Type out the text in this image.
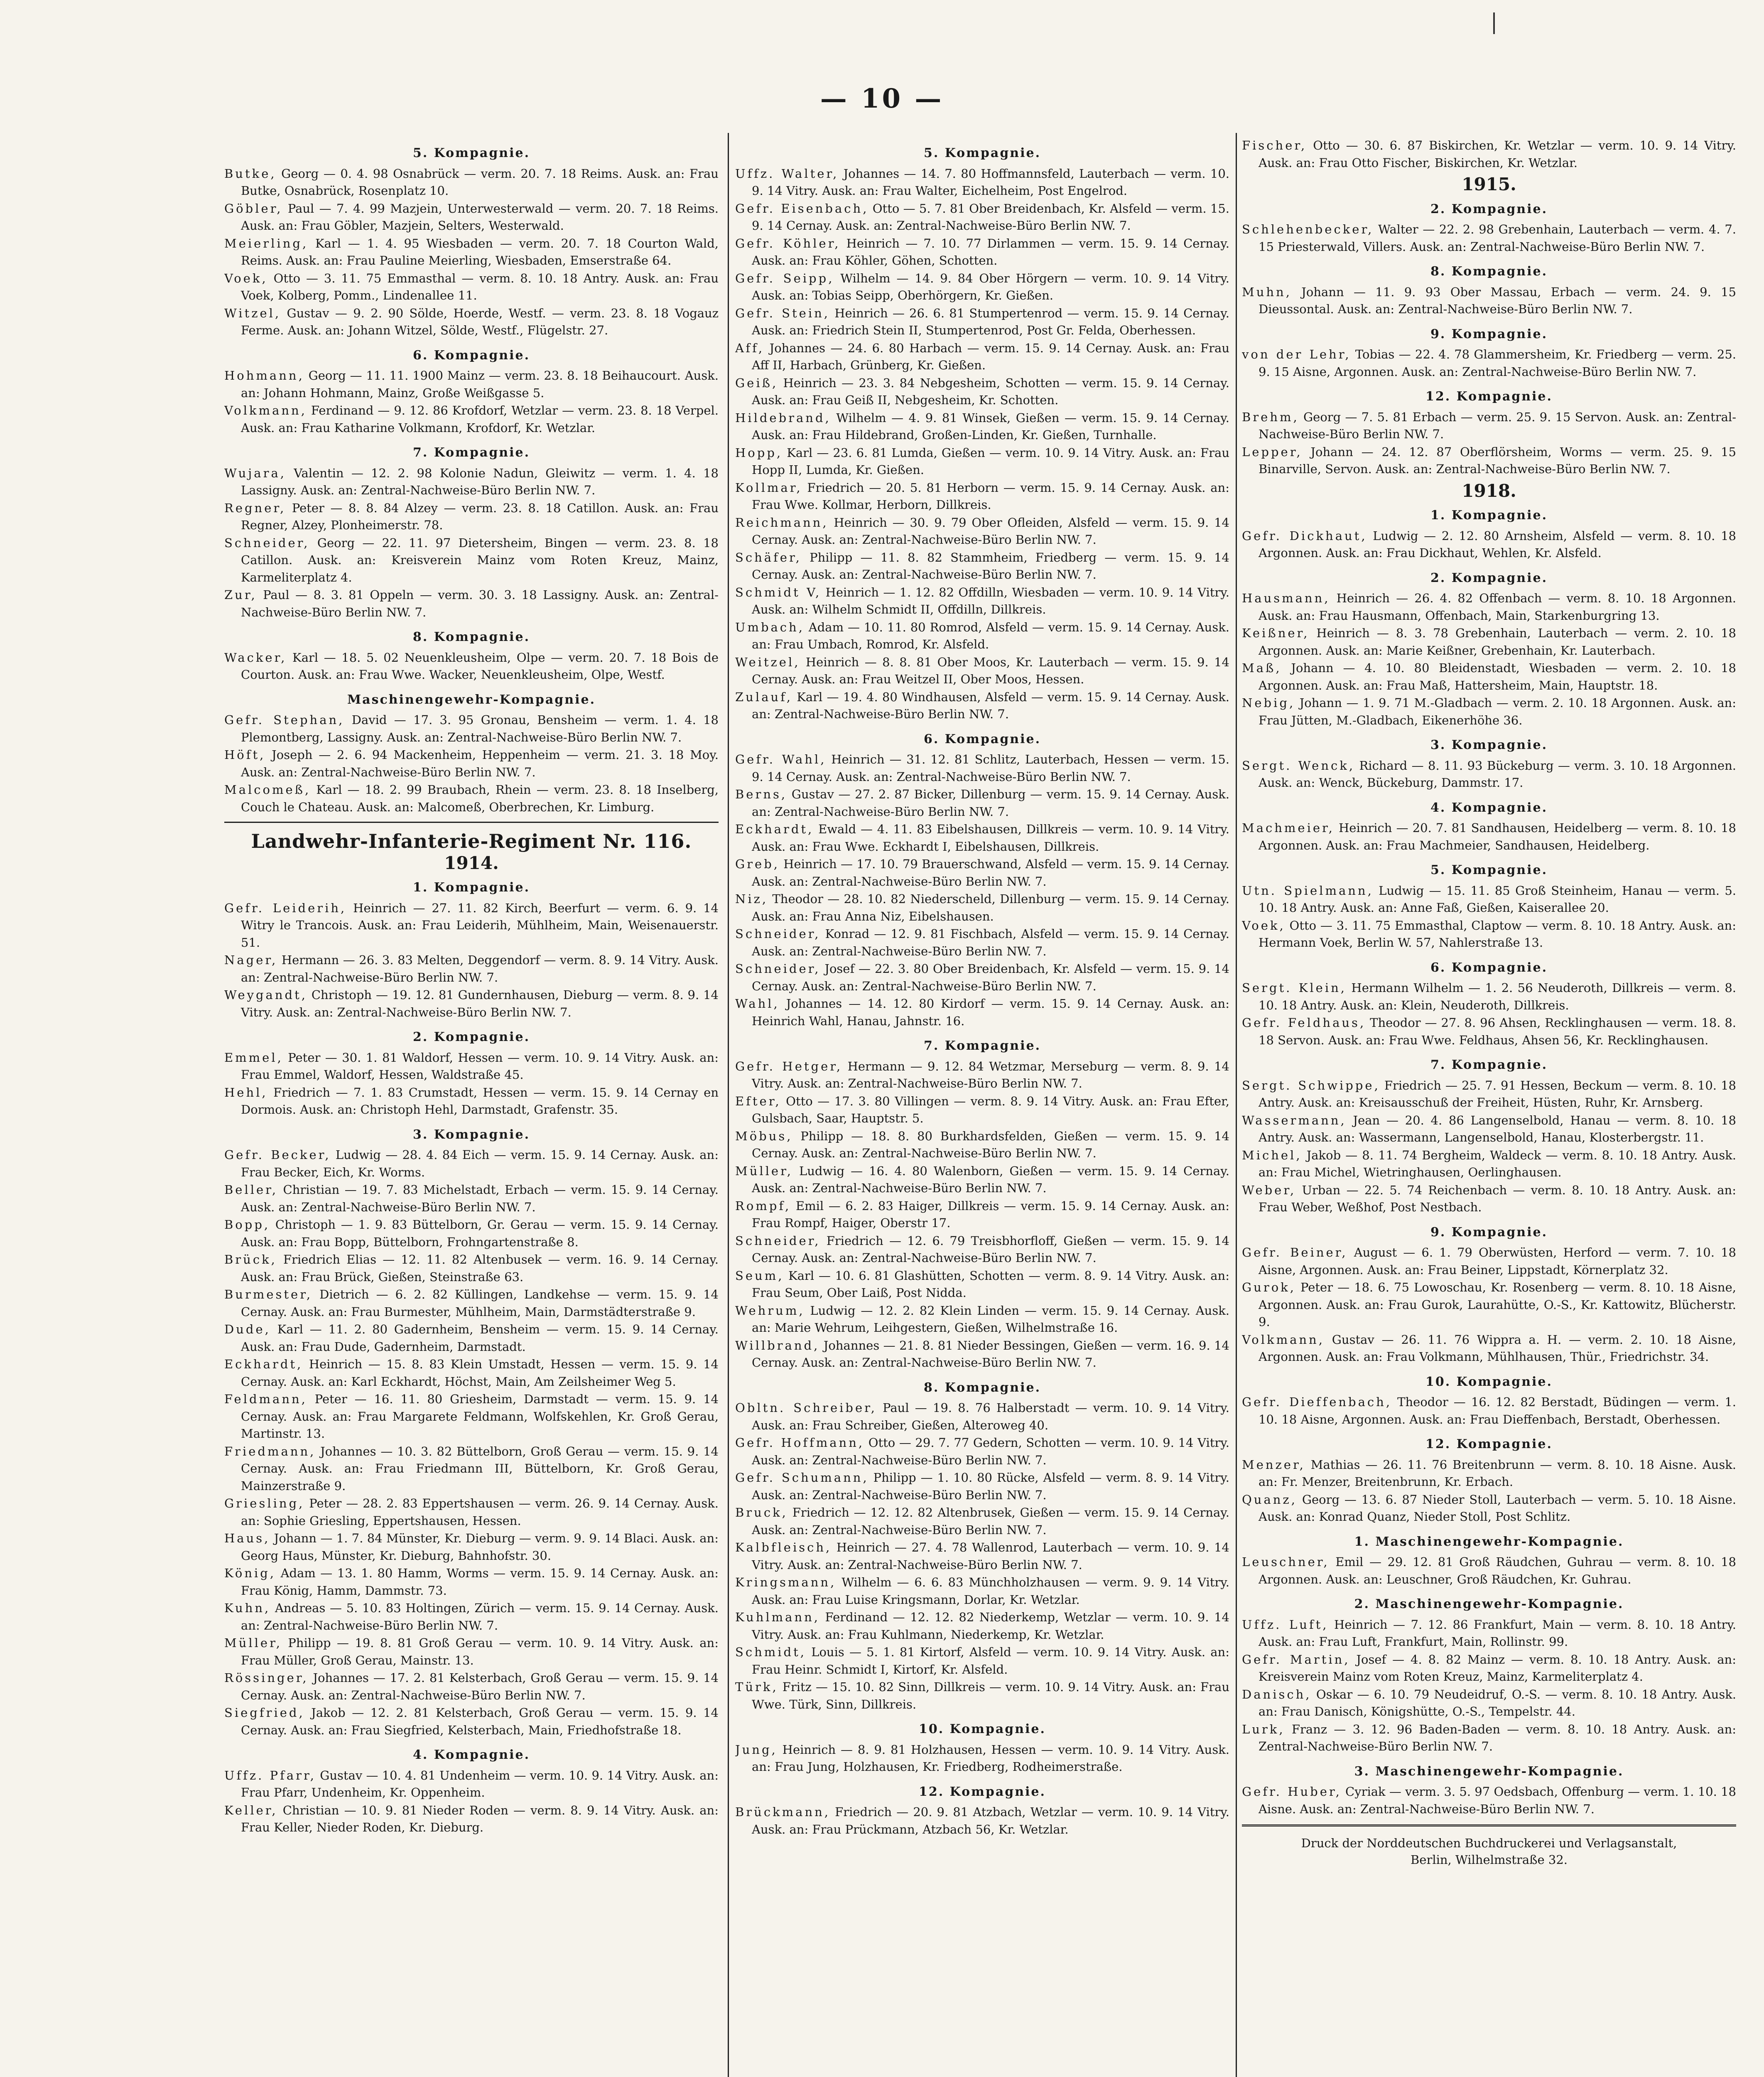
— 10 —
5. Kompagnie.
Butke, Georg — 0. 4. 98 Osnabrück — verm. 20. 7. 18 Reims. Ausk. an: Frau Butke, Osnabrück, Rosenplatz 10.
Göbler, Paul — 7. 4. 99 Mazjein, Unterwesterwald — verm. 20. 7. 18 Reims. Ausk. an: Frau Göbler, Mazjein, Selters, Westerwald.
Meierling, Karl — 1. 4. 95 Wiesbaden — verm. 20. 7. 18 Courton Wald, Reims. Ausk. an: Frau Pauline Meierling, Wiesbaden, Emserstraße 64.
Voek, Otto — 3. 11. 75 Emmasthal — verm. 8. 10. 18 Antry. Ausk. an: Frau Voek, Kolberg, Pomm., Lindenallee 11.
Witzel, Gustav — 9. 2. 90 Sölde, Hoerde, Westf. — verm. 23. 8. 18 Vogauz Ferme. Ausk. an: Johann Witzel, Sölde, Westf., Flügelstr. 27.
6. Kompagnie.
Hohmann, Georg — 11. 11. 1900 Mainz — verm. 23. 8. 18 Beihaucourt. Ausk. an: Johann Hohmann, Mainz, Große Weißgasse 5.
Volkmann, Ferdinand — 9. 12. 86 Krofdorf, Wetzlar — verm. 23. 8. 18 Verpel. Ausk. an: Frau Katharine Volkmann, Krofdorf, Kr. Wetzlar.
7. Kompagnie.
Wujara, Valentin — 12. 2. 98 Kolonie Nadun, Gleiwitz — verm. 1. 4. 18 Lassigny. Ausk. an: Zentral-Nachweise-Büro Berlin NW. 7.
Regner, Peter — 8. 8. 84 Alzey — verm. 23. 8. 18 Catillon. Ausk. an: Frau Regner, Alzey, Plonheimerstr. 78.
Schneider, Georg — 22. 11. 97 Dietersheim, Bingen — verm. 23. 8. 18 Catillon. Ausk. an: Kreisverein Mainz vom Roten Kreuz, Mainz, Karmeliterplatz 4.
Zur, Paul — 8. 3. 81 Oppeln — verm. 30. 3. 18 Lassigny. Ausk. an: Zentral-Nachweise-Büro Berlin NW. 7.
8. Kompagnie.
Wacker, Karl — 18. 5. 02 Neuenkleusheim, Olpe — verm. 20. 7. 18 Bois de Courton. Ausk. an: Frau Wwe. Wacker, Neuenkleusheim, Olpe, Westf.
Maschinengewehr-Kompagnie.
Gefr. Stephan, David — 17. 3. 95 Gronau, Bensheim — verm. 1. 4. 18 Plemontberg, Lassigny. Ausk. an: Zentral-Nachweise-Büro Berlin NW. 7.
Höft, Joseph — 2. 6. 94 Mackenheim, Heppenheim — verm. 21. 3. 18 Moy. Ausk. an: Zentral-Nachweise-Büro Berlin NW. 7.
Malcomeß, Karl — 18. 2. 99 Braubach, Rhein — verm. 23. 8. 18 Inselberg, Couch le Chateau. Ausk. an: Malcomeß, Oberbrechen, Kr. Limburg.
Landwehr-Infanterie-Regiment Nr. 116.
1914.
1. Kompagnie.
Gefr. Leiderih, Heinrich — 27. 11. 82 Kirch, Beerfurt — verm. 6. 9. 14 Witry le Trancois. Ausk. an: Frau Leiderih, Mühlheim, Main, Weisenauerstr. 51.
Nager, Hermann — 26. 3. 83 Melten, Deggendorf — verm. 8. 9. 14 Vitry. Ausk. an: Zentral-Nachweise-Büro Berlin NW. 7.
Weygandt, Christoph — 19. 12. 81 Gundernhausen, Dieburg — verm. 8. 9. 14 Vitry. Ausk. an: Zentral-Nachweise-Büro Berlin NW. 7.
2. Kompagnie.
Emmel, Peter — 30. 1. 81 Waldorf, Hessen — verm. 10. 9. 14 Vitry. Ausk. an: Frau Emmel, Waldorf, Hessen, Waldstraße 45.
Hehl, Friedrich — 7. 1. 83 Crumstadt, Hessen — verm. 15. 9. 14 Cernay en Dormois. Ausk. an: Christoph Hehl, Darmstadt, Grafenstr. 35.
3. Kompagnie.
Gefr. Becker, Ludwig — 28. 4. 84 Eich — verm. 15. 9. 14 Cernay. Ausk. an: Frau Becker, Eich, Kr. Worms.
Beller, Christian — 19. 7. 83 Michelstadt, Erbach — verm. 15. 9. 14 Cernay. Ausk. an: Zentral-Nachweise-Büro Berlin NW. 7.
Bopp, Christoph — 1. 9. 83 Büttelborn, Gr. Gerau — verm. 15. 9. 14 Cernay. Ausk. an: Frau Bopp, Büttelborn, Frohngartenstraße 8.
Brück, Friedrich Elias — 12. 11. 82 Altenbusek — verm. 16. 9. 14 Cernay. Ausk. an: Frau Brück, Gießen, Steinstraße 63.
Burmester, Dietrich — 6. 2. 82 Küllingen, Landkehse — verm. 15. 9. 14 Cernay. Ausk. an: Frau Burmester, Mühlheim, Main, Darmstädterstraße 9.
Dude, Karl — 11. 2. 80 Gadernheim, Bensheim — verm. 15. 9. 14 Cernay. Ausk. an: Frau Dude, Gadernheim, Darmstadt.
Eckhardt, Heinrich — 15. 8. 83 Klein Umstadt, Hessen — verm. 15. 9. 14 Cernay. Ausk. an: Karl Eckhardt, Höchst, Main, Am Zeilsheimer Weg 5.
Feldmann, Peter — 16. 11. 80 Griesheim, Darmstadt — verm. 15. 9. 14 Cernay. Ausk. an: Frau Margarete Feldmann, Wolfskehlen, Kr. Groß Gerau, Martinstr. 13.
Friedmann, Johannes — 10. 3. 82 Büttelborn, Groß Gerau — verm. 15. 9. 14 Cernay. Ausk. an: Frau Friedmann III, Büttelborn, Kr. Groß Gerau, Mainzerstraße 9.
Griesling, Peter — 28. 2. 83 Eppertshausen — verm. 26. 9. 14 Cernay. Ausk. an: Sophie Griesling, Eppertshausen, Hessen.
Haus, Johann — 1. 7. 84 Münster, Kr. Dieburg — verm. 9. 9. 14 Blaci. Ausk. an: Georg Haus, Münster, Kr. Dieburg, Bahnhofstr. 30.
König, Adam — 13. 1. 80 Hamm, Worms — verm. 15. 9. 14 Cernay. Ausk. an: Frau König, Hamm, Dammstr. 73.
Kuhn, Andreas — 5. 10. 83 Holtingen, Zürich — verm. 15. 9. 14 Cernay. Ausk. an: Zentral-Nachweise-Büro Berlin NW. 7.
Müller, Philipp — 19. 8. 81 Groß Gerau — verm. 10. 9. 14 Vitry. Ausk. an: Frau Müller, Groß Gerau, Mainstr. 13.
Rössinger, Johannes — 17. 2. 81 Kelsterbach, Groß Gerau — verm. 15. 9. 14 Cernay. Ausk. an: Zentral-Nachweise-Büro Berlin NW. 7.
Siegfried, Jakob — 12. 2. 81 Kelsterbach, Groß Gerau — verm. 15. 9. 14 Cernay. Ausk. an: Frau Siegfried, Kelsterbach, Main, Friedhofstraße 18.
4. Kompagnie.
Uffz. Pfarr, Gustav — 10. 4. 81 Undenheim — verm. 10. 9. 14 Vitry. Ausk. an: Frau Pfarr, Undenheim, Kr. Oppenheim.
Keller, Christian — 10. 9. 81 Nieder Roden — verm. 8. 9. 14 Vitry. Ausk. an: Frau Keller, Nieder Roden, Kr. Dieburg.
5. Kompagnie.
Uffz. Walter, Johannes — 14. 7. 80 Hoffmannsfeld, Lauterbach — verm. 10. 9. 14 Vitry. Ausk. an: Frau Walter, Eichelheim, Post Engelrod.
Gefr. Eisenbach, Otto — 5. 7. 81 Ober Breidenbach, Kr. Alsfeld — verm. 15. 9. 14 Cernay. Ausk. an: Zentral-Nachweise-Büro Berlin NW. 7.
Gefr. Köhler, Heinrich — 7. 10. 77 Dirlammen — verm. 15. 9. 14 Cernay. Ausk. an: Frau Köhler, Göhen, Schotten.
Gefr. Seipp, Wilhelm — 14. 9. 84 Ober Hörgern — verm. 10. 9. 14 Vitry. Ausk. an: Tobias Seipp, Oberhörgern, Kr. Gießen.
Gefr. Stein, Heinrich — 26. 6. 81 Stumpertenrod — verm. 15. 9. 14 Cernay. Ausk. an: Friedrich Stein II, Stumpertenrod, Post Gr. Felda, Oberhessen.
Aff, Johannes — 24. 6. 80 Harbach — verm. 15. 9. 14 Cernay. Ausk. an: Frau Aff II, Harbach, Grünberg, Kr. Gießen.
Geiß, Heinrich — 23. 3. 84 Nebgesheim, Schotten — verm. 15. 9. 14 Cernay. Ausk. an: Frau Geiß II, Nebgesheim, Kr. Schotten.
Hildebrand, Wilhelm — 4. 9. 81 Winsek, Gießen — verm. 15. 9. 14 Cernay. Ausk. an: Frau Hildebrand, Großen-Linden, Kr. Gießen, Turnhalle.
Hopp, Karl — 23. 6. 81 Lumda, Gießen — verm. 10. 9. 14 Vitry. Ausk. an: Frau Hopp II, Lumda, Kr. Gießen.
Kollmar, Friedrich — 20. 5. 81 Herborn — verm. 15. 9. 14 Cernay. Ausk. an: Frau Wwe. Kollmar, Herborn, Dillkreis.
Reichmann, Heinrich — 30. 9. 79 Ober Ofleiden, Alsfeld — verm. 15. 9. 14 Cernay. Ausk. an: Zentral-Nachweise-Büro Berlin NW. 7.
Schäfer, Philipp — 11. 8. 82 Stammheim, Friedberg — verm. 15. 9. 14 Cernay. Ausk. an: Zentral-Nachweise-Büro Berlin NW. 7.
Schmidt V, Heinrich — 1. 12. 82 Offdilln, Wiesbaden — verm. 10. 9. 14 Vitry. Ausk. an: Wilhelm Schmidt II, Offdilln, Dillkreis.
Umbach, Adam — 10. 11. 80 Romrod, Alsfeld — verm. 15. 9. 14 Cernay. Ausk. an: Frau Umbach, Romrod, Kr. Alsfeld.
Weitzel, Heinrich — 8. 8. 81 Ober Moos, Kr. Lauterbach — verm. 15. 9. 14 Cernay. Ausk. an: Frau Weitzel II, Ober Moos, Hessen.
Zulauf, Karl — 19. 4. 80 Windhausen, Alsfeld — verm. 15. 9. 14 Cernay. Ausk. an: Zentral-Nachweise-Büro Berlin NW. 7.
6. Kompagnie.
Gefr. Wahl, Heinrich — 31. 12. 81 Schlitz, Lauterbach, Hessen — verm. 15. 9. 14 Cernay. Ausk. an: Zentral-Nachweise-Büro Berlin NW. 7.
Berns, Gustav — 27. 2. 87 Bicker, Dillenburg — verm. 15. 9. 14 Cernay. Ausk. an: Zentral-Nachweise-Büro Berlin NW. 7.
Eckhardt, Ewald — 4. 11. 83 Eibelshausen, Dillkreis — verm. 10. 9. 14 Vitry. Ausk. an: Frau Wwe. Eckhardt I, Eibelshausen, Dillkreis.
Greb, Heinrich — 17. 10. 79 Brauerschwand, Alsfeld — verm. 15. 9. 14 Cernay. Ausk. an: Zentral-Nachweise-Büro Berlin NW. 7.
Niz, Theodor — 28. 10. 82 Niederscheld, Dillenburg — verm. 15. 9. 14 Cernay. Ausk. an: Frau Anna Niz, Eibelshausen.
Schneider, Konrad — 12. 9. 81 Fischbach, Alsfeld — verm. 15. 9. 14 Cernay. Ausk. an: Zentral-Nachweise-Büro Berlin NW. 7.
Schneider, Josef — 22. 3. 80 Ober Breidenbach, Kr. Alsfeld — verm. 15. 9. 14 Cernay. Ausk. an: Zentral-Nachweise-Büro Berlin NW. 7.
Wahl, Johannes — 14. 12. 80 Kirdorf — verm. 15. 9. 14 Cernay. Ausk. an: Heinrich Wahl, Hanau, Jahnstr. 16.
7. Kompagnie.
Gefr. Hetger, Hermann — 9. 12. 84 Wetzmar, Merseburg — verm. 8. 9. 14 Vitry. Ausk. an: Zentral-Nachweise-Büro Berlin NW. 7.
Efter, Otto — 17. 3. 80 Villingen — verm. 8. 9. 14 Vitry. Ausk. an: Frau Efter, Gulsbach, Saar, Hauptstr. 5.
Möbus, Philipp — 18. 8. 80 Burkhardsfelden, Gießen — verm. 15. 9. 14 Cernay. Ausk. an: Zentral-Nachweise-Büro Berlin NW. 7.
Müller, Ludwig — 16. 4. 80 Walenborn, Gießen — verm. 15. 9. 14 Cernay. Ausk. an: Zentral-Nachweise-Büro Berlin NW. 7.
Rompf, Emil — 6. 2. 83 Haiger, Dillkreis — verm. 15. 9. 14 Cernay. Ausk. an: Frau Rompf, Haiger, Oberstr 17.
Schneider, Friedrich — 12. 6. 79 Treisbhorfloff, Gießen — verm. 15. 9. 14 Cernay. Ausk. an: Zentral-Nachweise-Büro Berlin NW. 7.
Seum, Karl — 10. 6. 81 Glashütten, Schotten — verm. 8. 9. 14 Vitry. Ausk. an: Frau Seum, Ober Laiß, Post Nidda.
Wehrum, Ludwig — 12. 2. 82 Klein Linden — verm. 15. 9. 14 Cernay. Ausk. an: Marie Wehrum, Leihgestern, Gießen, Wilhelmstraße 16.
Willbrand, Johannes — 21. 8. 81 Nieder Bessingen, Gießen — verm. 16. 9. 14 Cernay. Ausk. an: Zentral-Nachweise-Büro Berlin NW. 7.
8. Kompagnie.
Obltn. Schreiber, Paul — 19. 8. 76 Halberstadt — verm. 10. 9. 14 Vitry. Ausk. an: Frau Schreiber, Gießen, Alteroweg 40.
Gefr. Hoffmann, Otto — 29. 7. 77 Gedern, Schotten — verm. 10. 9. 14 Vitry. Ausk. an: Zentral-Nachweise-Büro Berlin NW. 7.
Gefr. Schumann, Philipp — 1. 10. 80 Rücke, Alsfeld — verm. 8. 9. 14 Vitry. Ausk. an: Zentral-Nachweise-Büro Berlin NW. 7.
Bruck, Friedrich — 12. 12. 82 Altenbrusek, Gießen — verm. 15. 9. 14 Cernay. Ausk. an: Zentral-Nachweise-Büro Berlin NW. 7.
Kalbfleisch, Heinrich — 27. 4. 78 Wallenrod, Lauterbach — verm. 10. 9. 14 Vitry. Ausk. an: Zentral-Nachweise-Büro Berlin NW. 7.
Kringsmann, Wilhelm — 6. 6. 83 Münchholzhausen — verm. 9. 9. 14 Vitry. Ausk. an: Frau Luise Kringsmann, Dorlar, Kr. Wetzlar.
Kuhlmann, Ferdinand — 12. 12. 82 Niederkemp, Wetzlar — verm. 10. 9. 14 Vitry. Ausk. an: Frau Kuhlmann, Niederkemp, Kr. Wetzlar.
Schmidt, Louis — 5. 1. 81 Kirtorf, Alsfeld — verm. 10. 9. 14 Vitry. Ausk. an: Frau Heinr. Schmidt I, Kirtorf, Kr. Alsfeld.
Türk, Fritz — 15. 10. 82 Sinn, Dillkreis — verm. 10. 9. 14 Vitry. Ausk. an: Frau Wwe. Türk, Sinn, Dillkreis.
10. Kompagnie.
Jung, Heinrich — 8. 9. 81 Holzhausen, Hessen — verm. 10. 9. 14 Vitry. Ausk. an: Frau Jung, Holzhausen, Kr. Friedberg, Rodheimerstraße.
12. Kompagnie.
Brückmann, Friedrich — 20. 9. 81 Atzbach, Wetzlar — verm. 10. 9. 14 Vitry. Ausk. an: Frau Prückmann, Atzbach 56, Kr. Wetzlar.
Fischer, Otto — 30. 6. 87 Biskirchen, Kr. Wetzlar — verm. 10. 9. 14 Vitry. Ausk. an: Frau Otto Fischer, Biskirchen, Kr. Wetzlar.
1915.
2. Kompagnie.
Schlehenbecker, Walter — 22. 2. 98 Grebenhain, Lauterbach — verm. 4. 7. 15 Priesterwald, Villers. Ausk. an: Zentral-Nachweise-Büro Berlin NW. 7.
8. Kompagnie.
Muhn, Johann — 11. 9. 93 Ober Massau, Erbach — verm. 24. 9. 15 Dieussontal. Ausk. an: Zentral-Nachweise-Büro Berlin NW. 7.
9. Kompagnie.
von der Lehr, Tobias — 22. 4. 78 Glammersheim, Kr. Friedberg — verm. 25. 9. 15 Aisne, Argonnen. Ausk. an: Zentral-Nachweise-Büro Berlin NW. 7.
12. Kompagnie.
Brehm, Georg — 7. 5. 81 Erbach — verm. 25. 9. 15 Servon. Ausk. an: Zentral-Nachweise-Büro Berlin NW. 7.
Lepper, Johann — 24. 12. 87 Oberflörsheim, Worms — verm. 25. 9. 15 Binarville, Servon. Ausk. an: Zentral-Nachweise-Büro Berlin NW. 7.
1918.
1. Kompagnie.
Gefr. Dickhaut, Ludwig — 2. 12. 80 Arnsheim, Alsfeld — verm. 8. 10. 18 Argonnen. Ausk. an: Frau Dickhaut, Wehlen, Kr. Alsfeld.
2. Kompagnie.
Hausmann, Heinrich — 26. 4. 82 Offenbach — verm. 8. 10. 18 Argonnen. Ausk. an: Frau Hausmann, Offenbach, Main, Starkenburgring 13.
Keißner, Heinrich — 8. 3. 78 Grebenhain, Lauterbach — verm. 2. 10. 18 Argonnen. Ausk. an: Marie Keißner, Grebenhain, Kr. Lauterbach.
Maß, Johann — 4. 10. 80 Bleidenstadt, Wiesbaden — verm. 2. 10. 18 Argonnen. Ausk. an: Frau Maß, Hattersheim, Main, Hauptstr. 18.
Nebig, Johann — 1. 9. 71 M.-Gladbach — verm. 2. 10. 18 Argonnen. Ausk. an: Frau Jütten, M.-Gladbach, Eikenerhöhe 36.
3. Kompagnie.
Sergt. Wenck, Richard — 8. 11. 93 Bückeburg — verm. 3. 10. 18 Argonnen. Ausk. an: Wenck, Bückeburg, Dammstr. 17.
4. Kompagnie.
Machmeier, Heinrich — 20. 7. 81 Sandhausen, Heidelberg — verm. 8. 10. 18 Argonnen. Ausk. an: Frau Machmeier, Sandhausen, Heidelberg.
5. Kompagnie.
Utn. Spielmann, Ludwig — 15. 11. 85 Groß Steinheim, Hanau — verm. 5. 10. 18 Antry. Ausk. an: Anne Faß, Gießen, Kaiserallee 20.
Voek, Otto — 3. 11. 75 Emmasthal, Claptow — verm. 8. 10. 18 Antry. Ausk. an: Hermann Voek, Berlin W. 57, Nahlerstraße 13.
6. Kompagnie.
Sergt. Klein, Hermann Wilhelm — 1. 2. 56 Neuderoth, Dillkreis — verm. 8. 10. 18 Antry. Ausk. an: Klein, Neuderoth, Dillkreis.
Gefr. Feldhaus, Theodor — 27. 8. 96 Ahsen, Recklinghausen — verm. 18. 8. 18 Servon. Ausk. an: Frau Wwe. Feldhaus, Ahsen 56, Kr. Recklinghausen.
7. Kompagnie.
Sergt. Schwippe, Friedrich — 25. 7. 91 Hessen, Beckum — verm. 8. 10. 18 Antry. Ausk. an: Kreisausschuß der Freiheit, Hüsten, Ruhr, Kr. Arnsberg.
Wassermann, Jean — 20. 4. 86 Langenselbold, Hanau — verm. 8. 10. 18 Antry. Ausk. an: Wassermann, Langenselbold, Hanau, Klosterbergstr. 11.
Michel, Jakob — 8. 11. 74 Bergheim, Waldeck — verm. 8. 10. 18 Antry. Ausk. an: Frau Michel, Wietringhausen, Oerlinghausen.
Weber, Urban — 22. 5. 74 Reichenbach — verm. 8. 10. 18 Antry. Ausk. an: Frau Weber, Weßhof, Post Nestbach.
9. Kompagnie.
Gefr. Beiner, August — 6. 1. 79 Oberwüsten, Herford — verm. 7. 10. 18 Aisne, Argonnen. Ausk. an: Frau Beiner, Lippstadt, Körnerplatz 32.
Gurok, Peter — 18. 6. 75 Lowoschau, Kr. Rosenberg — verm. 8. 10. 18 Aisne, Argonnen. Ausk. an: Frau Gurok, Laurahütte, O.-S., Kr. Kattowitz, Blücherstr. 9.
Volkmann, Gustav — 26. 11. 76 Wippra a. H. — verm. 2. 10. 18 Aisne, Argonnen. Ausk. an: Frau Volkmann, Mühlhausen, Thür., Friedrichstr. 34.
10. Kompagnie.
Gefr. Dieffenbach, Theodor — 16. 12. 82 Berstadt, Büdingen — verm. 1. 10. 18 Aisne, Argonnen. Ausk. an: Frau Dieffenbach, Berstadt, Oberhessen.
12. Kompagnie.
Menzer, Mathias — 26. 11. 76 Breitenbrunn — verm. 8. 10. 18 Aisne. Ausk. an: Fr. Menzer, Breitenbrunn, Kr. Erbach.
Quanz, Georg — 13. 6. 87 Nieder Stoll, Lauterbach — verm. 5. 10. 18 Aisne. Ausk. an: Konrad Quanz, Nieder Stoll, Post Schlitz.
1. Maschinengewehr-Kompagnie.
Leuschner, Emil — 29. 12. 81 Groß Räudchen, Guhrau — verm. 8. 10. 18 Argonnen. Ausk. an: Leuschner, Groß Räudchen, Kr. Guhrau.
2. Maschinengewehr-Kompagnie.
Uffz. Luft, Heinrich — 7. 12. 86 Frankfurt, Main — verm. 8. 10. 18 Antry. Ausk. an: Frau Luft, Frankfurt, Main, Rollinstr. 99.
Gefr. Martin, Josef — 4. 8. 82 Mainz — verm. 8. 10. 18 Antry. Ausk. an: Kreisverein Mainz vom Roten Kreuz, Mainz, Karmeliterplatz 4.
Danisch, Oskar — 6. 10. 79 Neudeidruf, O.-S. — verm. 8. 10. 18 Antry. Ausk. an: Frau Danisch, Königshütte, O.-S., Tempelstr. 44.
Lurk, Franz — 3. 12. 96 Baden-Baden — verm. 8. 10. 18 Antry. Ausk. an: Zentral-Nachweise-Büro Berlin NW. 7.
3. Maschinengewehr-Kompagnie.
Gefr. Huber, Cyriak — verm. 3. 5. 97 Oedsbach, Offenburg — verm. 1. 10. 18 Aisne. Ausk. an: Zentral-Nachweise-Büro Berlin NW. 7.
Druck der Norddeutschen Buchdruckerei und Verlagsanstalt,
Berlin, Wilhelmstraße 32.
